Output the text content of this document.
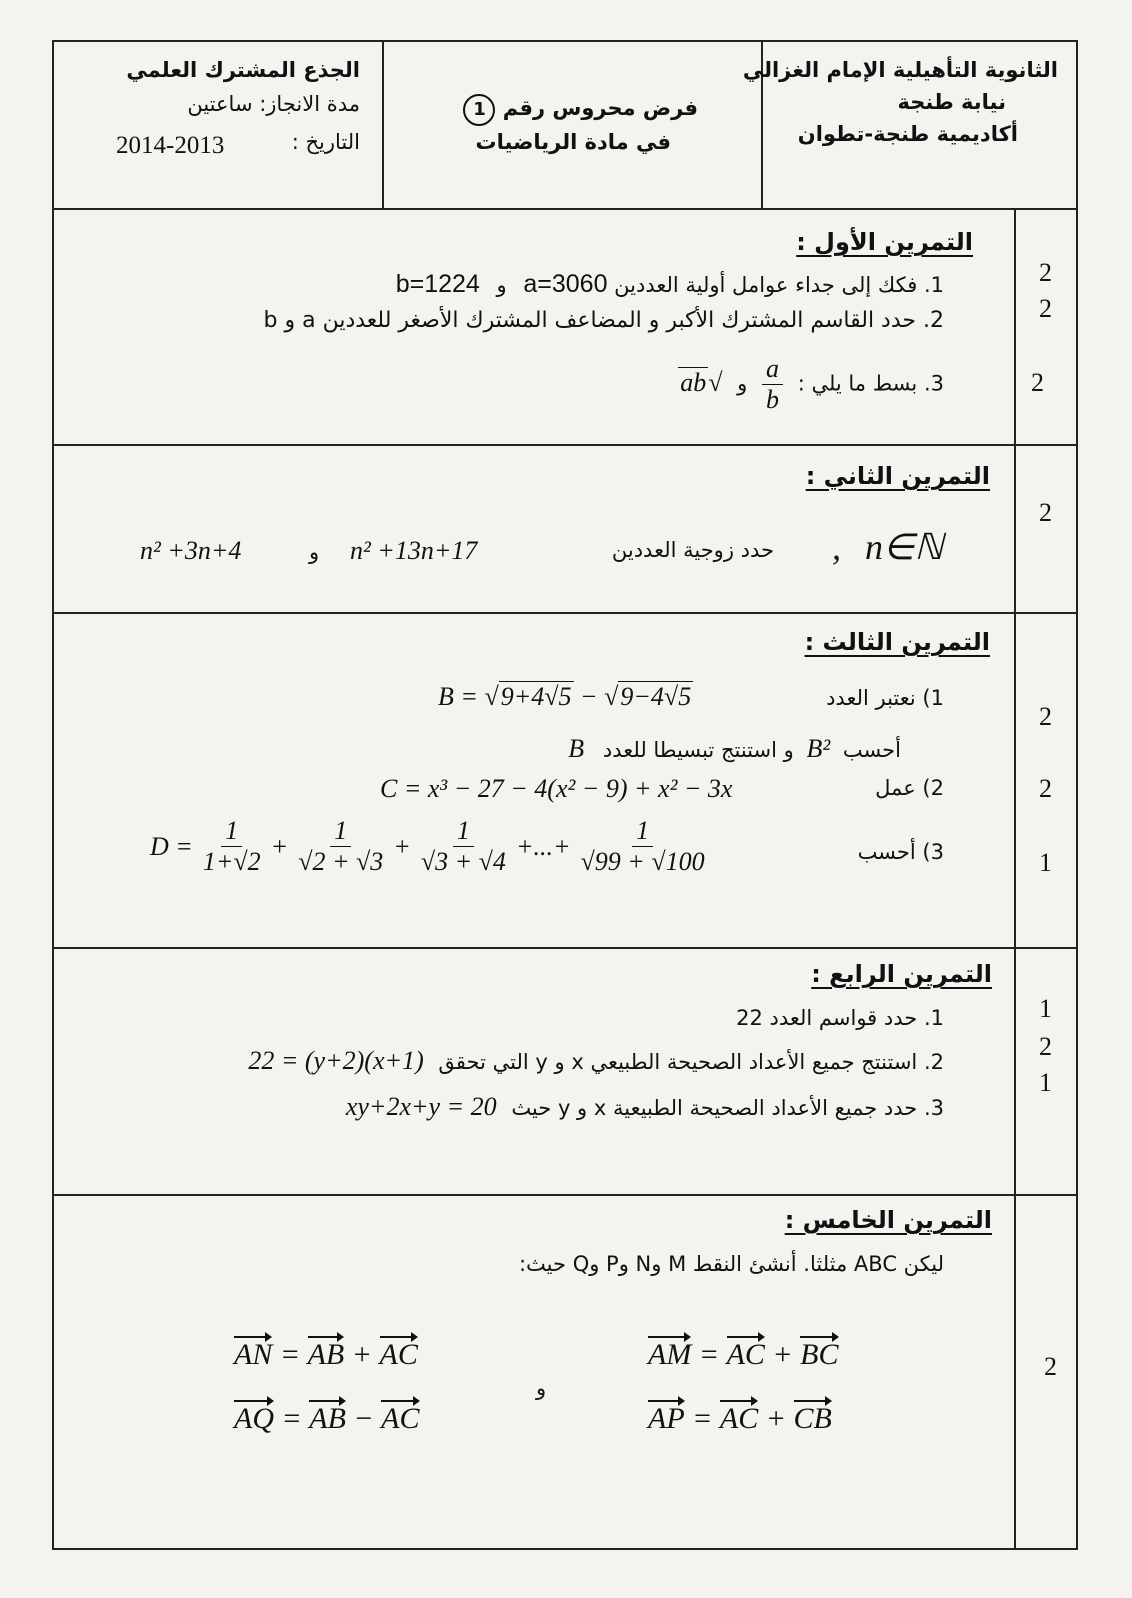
الثانوية التأهيلية الإمام الغزالي
نيابة طنجة
أكاديمية طنجة-تطوان
فرض محروس رقم 1
في مادة الرياضيات
الجذع المشترك العلمي
مدة الانجاز: ساعتين
التاريخ :
2014-2013
التمرين الأول :
1. فكك إلى جداء عوامل أولية العددين a=3060 و b=1224
2. حدد القاسم المشترك الأكبر و المضاعف المشترك الأصغر للعددين a و b
3. بسط ما يلي :
$\frac{a}{b}$
و √ab
2
2
2
التمرين الثاني :
, n∈ℕ
حدد زوجية العددين
n² +13n+17
و
n² +3n+4
2
التمرين الثالث :
1) نعتبر العدد
B = √9+4√5 − √9−4√5
أحسب B² و استنتج تبسيطا للعدد B
2) عمل
C = x³ − 27 − 4(x² − 9) + x² − 3x
3) أحسب
$D = \frac{1}{1+√2} + \frac{1}{√2 + √3} + \frac{1}{√3 + √4}$ +...+ $\frac{1}{√99 + √100}$
2
2
1
التمرين الرابع :
1. حدد قواسم العدد 22
2. استنتج جميع الأعداد الصحيحة الطبيعي x و y التي تحقق (x+1)(y+2) = 22
3. حدد جميع الأعداد الصحيحة الطبيعية x و y حيث xy+2x+y = 20
1
2
1
التمرين الخامس :
ليكن ABC مثلثا. أنشئ النقط M وN وP وQ حيث:
AM = AC + BC
AP = AC + CB
و
AN = AB + AC
AQ = AB − AC
2
